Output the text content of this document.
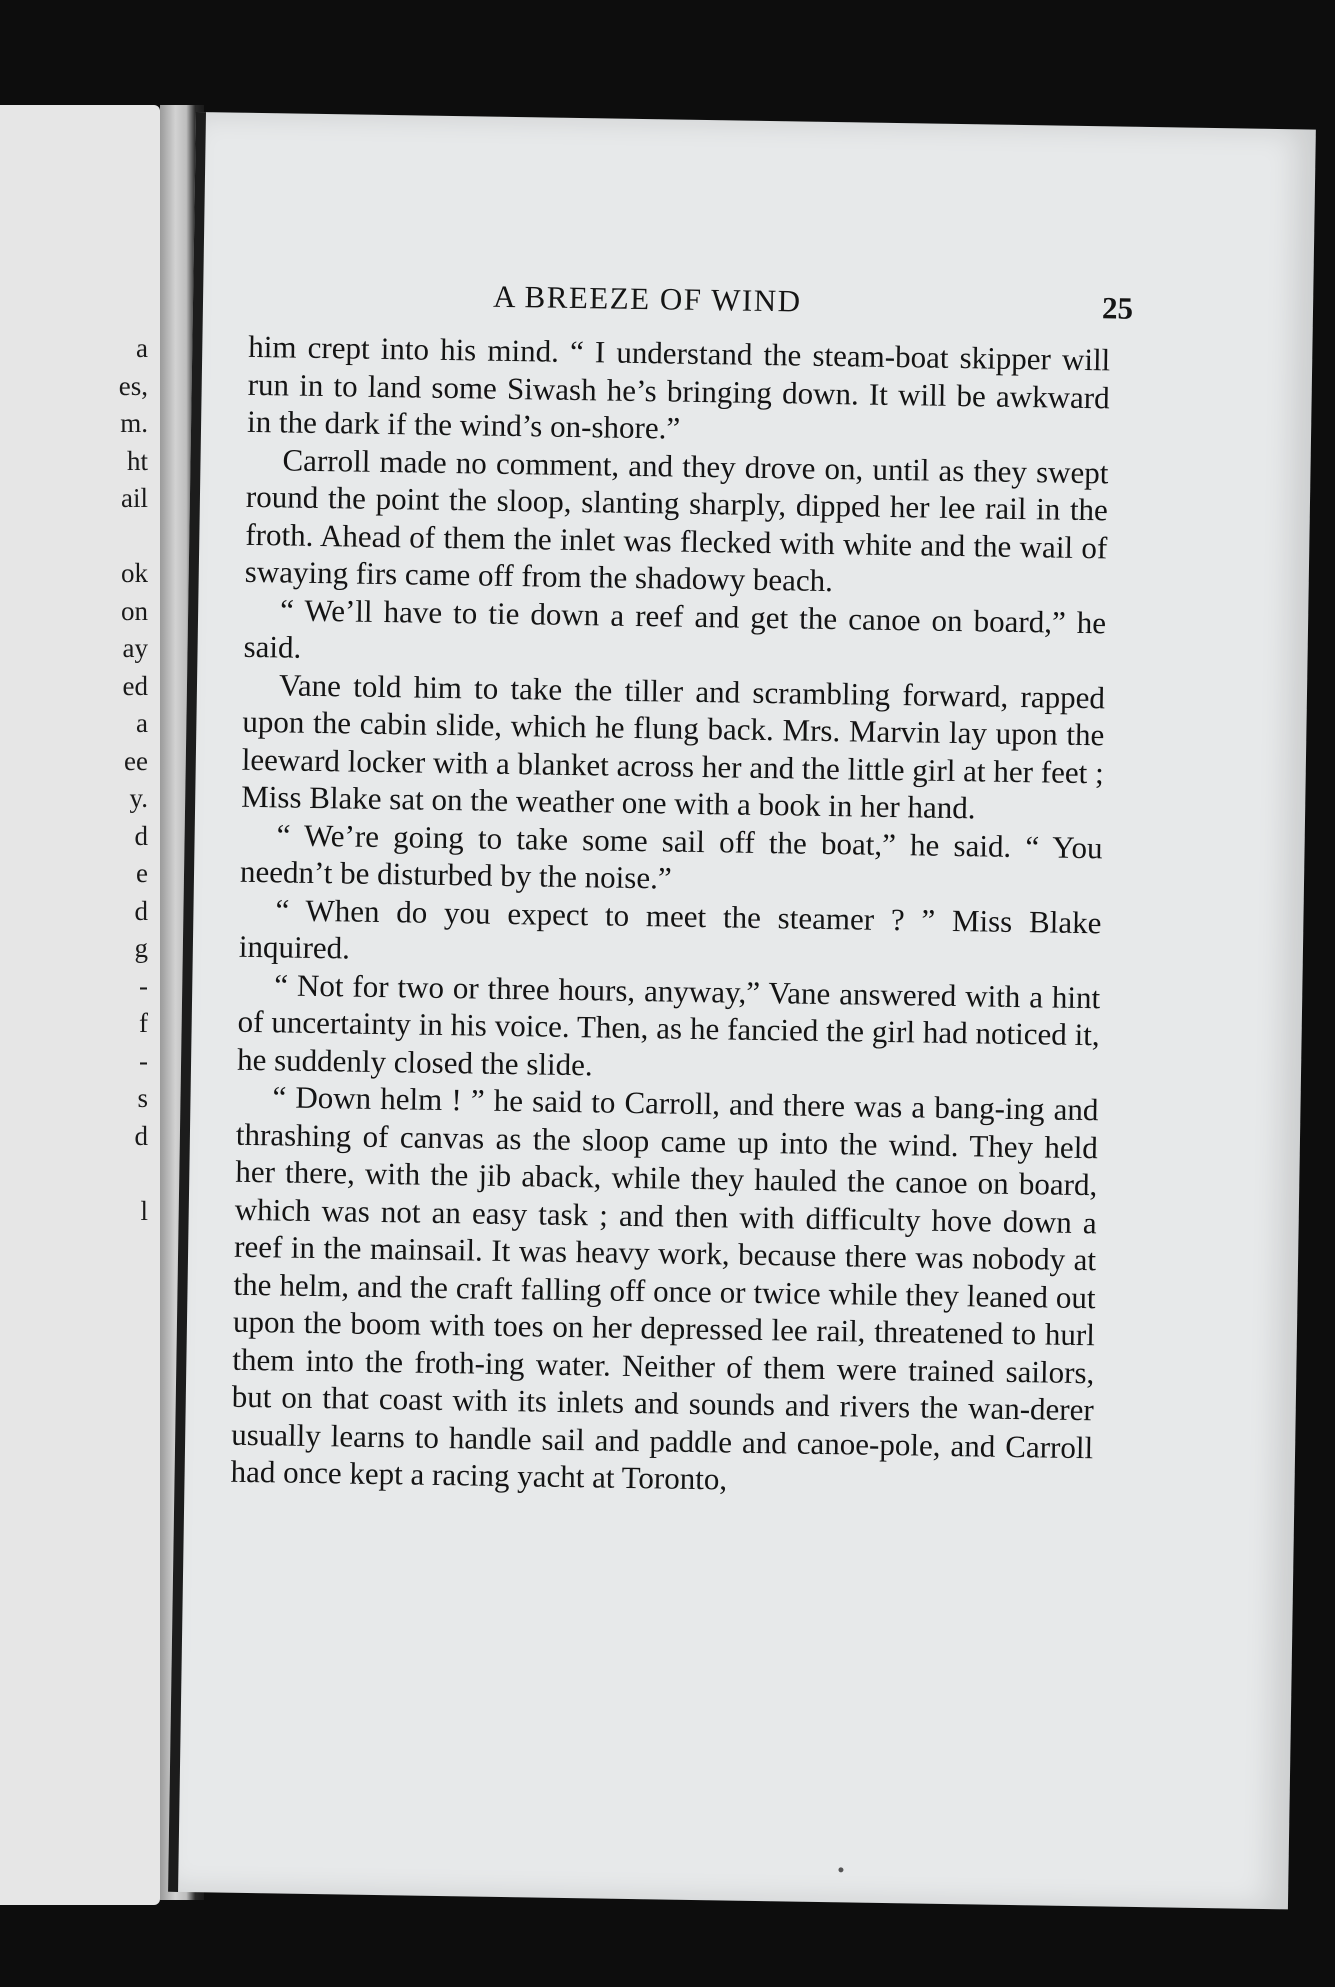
a
es,
m.
ht
ail

ok
on
ay
ed
a
ee
y.
d
e
d
g
-
f
-
s
d

l
A BREEZE OF WIND	25

him crept into his mind. “ I understand the steam-boat skipper will run in to land some Siwash he’s bringing down. It will be awkward in the dark if the wind’s on-shore.”

Carroll made no comment, and they drove on, until as they swept round the point the sloop, slanting sharply, dipped her lee rail in the froth. Ahead of them the inlet was flecked with white and the wail of swaying firs came off from the shadowy beach.

“ We’ll have to tie down a reef and get the canoe on board,” he said.

Vane told him to take the tiller and scrambling forward, rapped upon the cabin slide, which he flung back. Mrs. Marvin lay upon the leeward locker with a blanket across her and the little girl at her feet ; Miss Blake sat on the weather one with a book in her hand.

“ We’re going to take some sail off the boat,” he said. “ You needn’t be disturbed by the noise.”

“ When do you expect to meet the steamer ? ” Miss Blake inquired.

“ Not for two or three hours, anyway,” Vane answered with a hint of uncertainty in his voice. Then, as he fancied the girl had noticed it, he suddenly closed the slide.

“ Down helm ! ” he said to Carroll, and there was a bang-ing and thrashing of canvas as the sloop came up into the wind. They held her there, with the jib aback, while they hauled the canoe on board, which was not an easy task ; and then with difficulty hove down a reef in the mainsail. It was heavy work, because there was nobody at the helm, and the craft falling off once or twice while they leaned out upon the boom with toes on her depressed lee rail, threatened to hurl them into the froth-ing water. Neither of them were trained sailors, but on that coast with its inlets and sounds and rivers the wan-derer usually learns to handle sail and paddle and canoe-pole, and Carroll had once kept a racing yacht at Toronto,
